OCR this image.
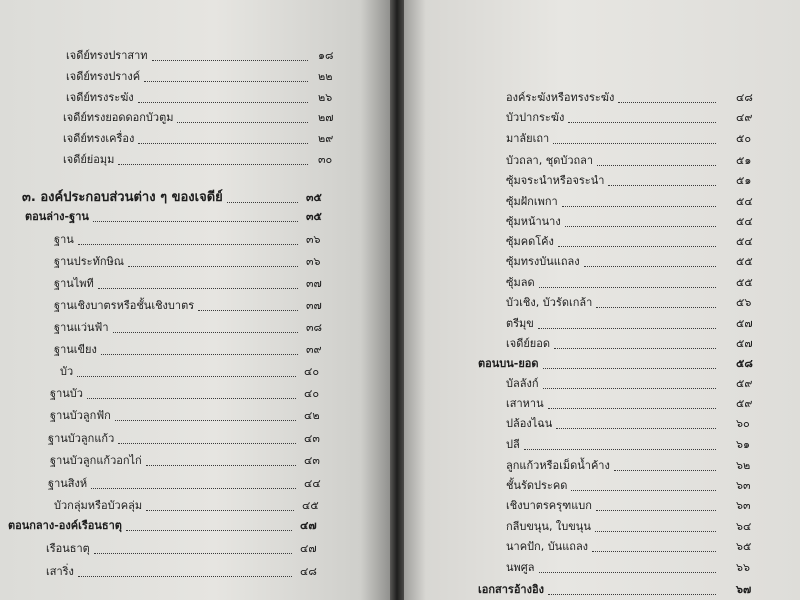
เจดีย์ทรงปราสาท	๑๘
เจดีย์ทรงปรางค์	๒๒
เจดีย์ทรงระฆัง	๒๖
เจดีย์ทรงยอดดอกบัวตูม	๒๗
เจดีย์ทรงเครื่อง	๒๙
เจดีย์ย่อมุม	๓๐
๓. องค์ประกอบส่วนต่าง ๆ ของเจดีย์	๓๕
ตอนล่าง-ฐาน	๓๕
ฐาน	๓๖
ฐานประทักษิณ	๓๖
ฐานไพที	๓๗
ฐานเชิงบาตรหรือชั้นเชิงบาตร	๓๗
ฐานแว่นฟ้า	๓๘
ฐานเขียง	๓๙
บัว	๔๐
ฐานบัว	๔๐
ฐานบัวลูกฟัก	๔๒
ฐานบัวลูกแก้ว	๔๓
ฐานบัวลูกแก้วอกไก่	๔๓
ฐานสิงห์	๔๔
บัวกลุ่มหรือบัวคลุ่ม	๔๕
ตอนกลาง-องค์เรือนธาตุ	๔๗
เรือนธาตุ	๔๗
เสาริ่ง	๔๘
องค์ระฆังหรือทรงระฆัง	๔๘
บัวปากระฆัง	๔๙
มาลัยเถา	๕๐
บัวถลา, ชุดบัวถลา	๕๑
ซุ้มจระนำหรือจระนำ	๕๑
ซุ้มฝักเพกา	๕๔
ซุ้มหน้านาง	๕๔
ซุ้มคดโค้ง	๕๔
ซุ้มทรงบันแถลง	๕๕
ซุ้มลด	๕๕
บัวเชิง, บัวรัดเกล้า	๕๖
ตรีมุข	๕๗
เจดีย์ยอด	๕๗
ตอนบน-ยอด	๕๘
บัลลังก์	๕๙
เสาหาน	๕๙
ปล้องไฉน	๖๐
ปลี	๖๑
ลูกแก้วหรือเม็ดน้ำค้าง	๖๒
ชั้นรัดประคด	๖๓
เชิงบาตรครุฑแบก	๖๓
กลีบขนุน, ใบขนุน	๖๔
นาคปัก, บันแถลง	๖๕
นพศูล	๖๖
เอกสารอ้างอิง	๖๗
